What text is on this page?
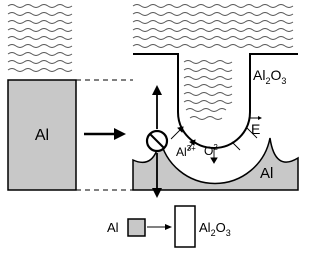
Al
$Al_2O_3$
E
$Al^{3+}$ $O^{2-}$
Al
Al	$Al_2O_3$
